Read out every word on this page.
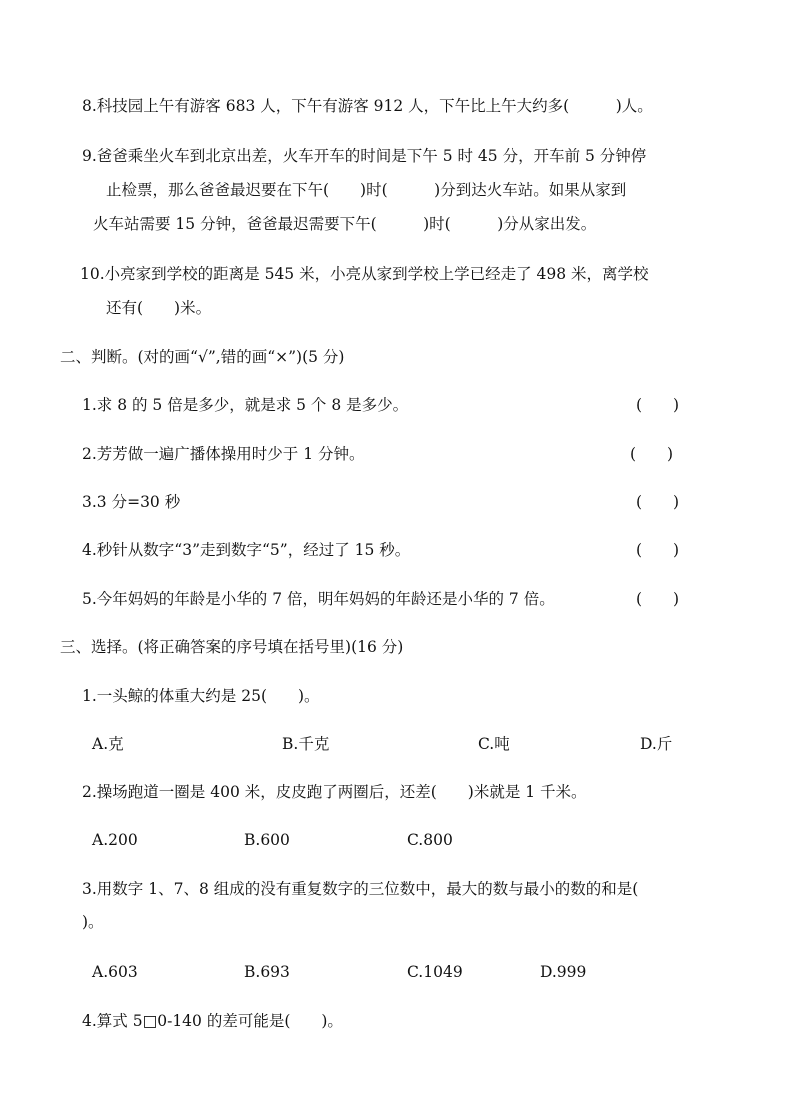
8.科技园上午有游客 683 人，下午有游客 912 人，下午比上午大约多(　　　)人。
9.爸爸乘坐火车到北京出差，火车开车的时间是下午 5 时 45 分，开车前 5 分钟停
止检票，那么爸爸最迟要在下午(　　)时(　　　)分到达火车站。如果从家到
火车站需要 15 分钟，爸爸最迟需要下午(　　　)时(　　　)分从家出发。
10.小亮家到学校的距离是 545 米，小亮从家到学校上学已经走了 498 米，离学校
还有(　　)米。
二、判断。(对的画“√”,错的画“×”)(5 分)
1.求 8 的 5 倍是多少，就是求 5 个 8 是多少。	(　　)
2.芳芳做一遍广播体操用时少于 1 分钟。	(　　)
3.3 分=30 秒	(　　)
4.秒针从数字“3”走到数字“5”，经过了 15 秒。	(　　)
5.今年妈妈的年龄是小华的 7 倍，明年妈妈的年龄还是小华的 7 倍。	(　　)
三、选择。(将正确答案的序号填在括号里)(16 分)
1.一头鲸的体重大约是 25(　　)。
A.克	B.千克	C.吨	D.斤
2.操场跑道一圈是 400 米，皮皮跑了两圈后，还差(　　)米就是 1 千米。
A.200	B.600	C.800
3.用数字 1、7、8 组成的没有重复数字的三位数中，最大的数与最小的数的和是(
)。
A.603	B.693	C.1049	D.999
4.算式 5□0-140 的差可能是(　　)。
